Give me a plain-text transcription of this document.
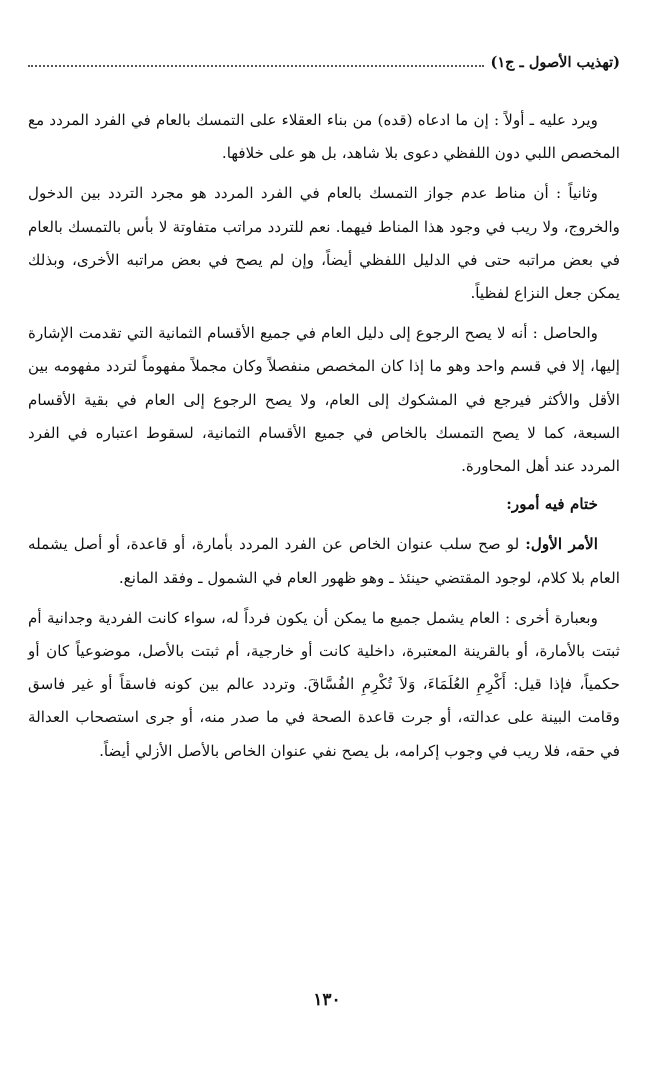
(تهذيب الأصول ـ ج١)

ويرد عليه ـ أولاً : إن ما ادعاه (قده) من بناء العقلاء على التمسك بالعام في الفرد المردد مع المخصص اللبي دون اللفظي دعوى بلا شاهد، بل هو على خلافها.

وثانياً : أن مناط عدم جواز التمسك بالعام في الفرد المردد هو مجرد التردد بين الدخول والخروج، ولا ريب في وجود هذا المناط فيهما. نعم للتردد مراتب متفاوتة لا بأس بالتمسك بالعام في بعض مراتبه حتى في الدليل اللفظي أيضاً، وإن لم يصح في بعض مراتبه الأخرى، وبذلك يمكن جعل النزاع لفظياً.

والحاصل : أنه لا يصح الرجوع إلى دليل العام في جميع الأقسام الثمانية التي تقدمت الإشارة إليها، إلا في قسم واحد وهو ما إذا كان المخصص منفصلاً وكان مجملاً مفهوماً لتردد مفهومه بين الأقل والأكثر فيرجع في المشكوك إلى العام، ولا يصح الرجوع إلى العام في بقية الأقسام السبعة، كما لا يصح التمسك بالخاص في جميع الأقسام الثمانية، لسقوط اعتباره في الفرد المردد عند أهل المحاورة.

ختام فيه أمور:

الأمر الأول: لو صح سلب عنوان الخاص عن الفرد المردد بأمارة، أو قاعدة، أو أصل يشمله العام بلا كلام، لوجود المقتضي حينئذ ـ وهو ظهور العام في الشمول ـ وفقد المانع.

وبعبارة أخرى : العام يشمل جميع ما يمكن أن يكون فرداً له، سواء كانت الفردية وجدانية أم ثبتت بالأمارة، أو بالقرينة المعتبرة، داخلية كانت أو خارجية، أم ثبتت بالأصل، موضوعياً كان أو حكمياً، فإذا قيل: أَكْرِمِ العُلَمَاءَ، وَلاَ تُكْرِمِ الفُسَّاقَ. وتردد عالم بين كونه فاسقاً أو غير فاسق وقامت البينة على عدالته، أو جرت قاعدة الصحة في ما صدر منه، أو جرى استصحاب العدالة في حقه، فلا ريب في وجوب إكرامه، بل يصح نفي عنوان الخاص بالأصل الأزلي أيضاً.

١٣٠
